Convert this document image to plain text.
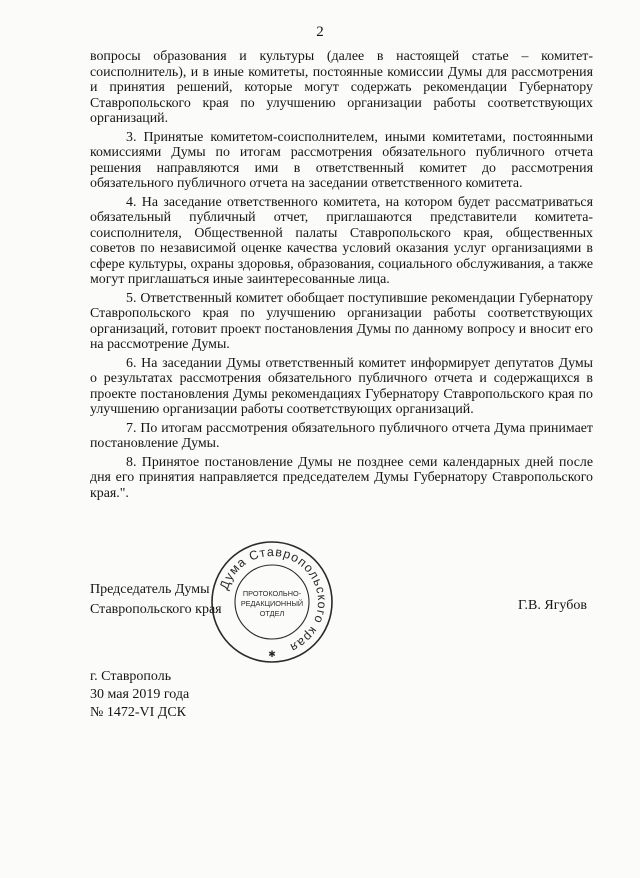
2

вопросы образования и культуры (далее в настоящей статье – комитет-соисполнитель), и в иные комитеты, постоянные комиссии Думы для рассмотрения и принятия решений, которые могут содержать рекомендации Губернатору Ставропольского края по улучшению организации работы соответствующих организаций.

3. Принятые комитетом-соисполнителем, иными комитетами, постоянными комиссиями Думы по итогам рассмотрения обязательного публичного отчета решения направляются ими в ответственный комитет до рассмотрения обязательного публичного отчета на заседании ответственного комитета.

4. На заседание ответственного комитета, на котором будет рассматриваться обязательный публичный отчет, приглашаются представители комитета-соисполнителя, Общественной палаты Ставропольского края, общественных советов по независимой оценке качества условий оказания услуг организациями в сфере культуры, охраны здоровья, образования, социального обслуживания, а также могут приглашаться иные заинтересованные лица.

5. Ответственный комитет обобщает поступившие рекомендации Губернатору Ставропольского края по улучшению организации работы соответствующих организаций, готовит проект постановления Думы по данному вопросу и вносит его на рассмотрение Думы.

6. На заседании Думы ответственный комитет информирует депутатов Думы о результатах рассмотрения обязательного публичного отчета и содержащихся в проекте постановления Думы рекомендациях Губернатору Ставропольского края по улучшению организации работы соответствующих организаций.

7. По итогам рассмотрения обязательного публичного отчета Дума принимает постановление Думы.

8. Принятое постановление Думы не позднее семи календарных дней после дня его принятия направляется председателем Думы Губернатору Ставропольского края.".

Председатель Думы
Ставропольского края	Г.В. Ягубов
Дума Ставропольского края
ПРОТОКОЛЬНО-
РЕДАКЦИОННЫЙ
ОТДЕЛ
✱
г. Ставрополь
30 мая 2019 года
№ 1472-VI ДСК
